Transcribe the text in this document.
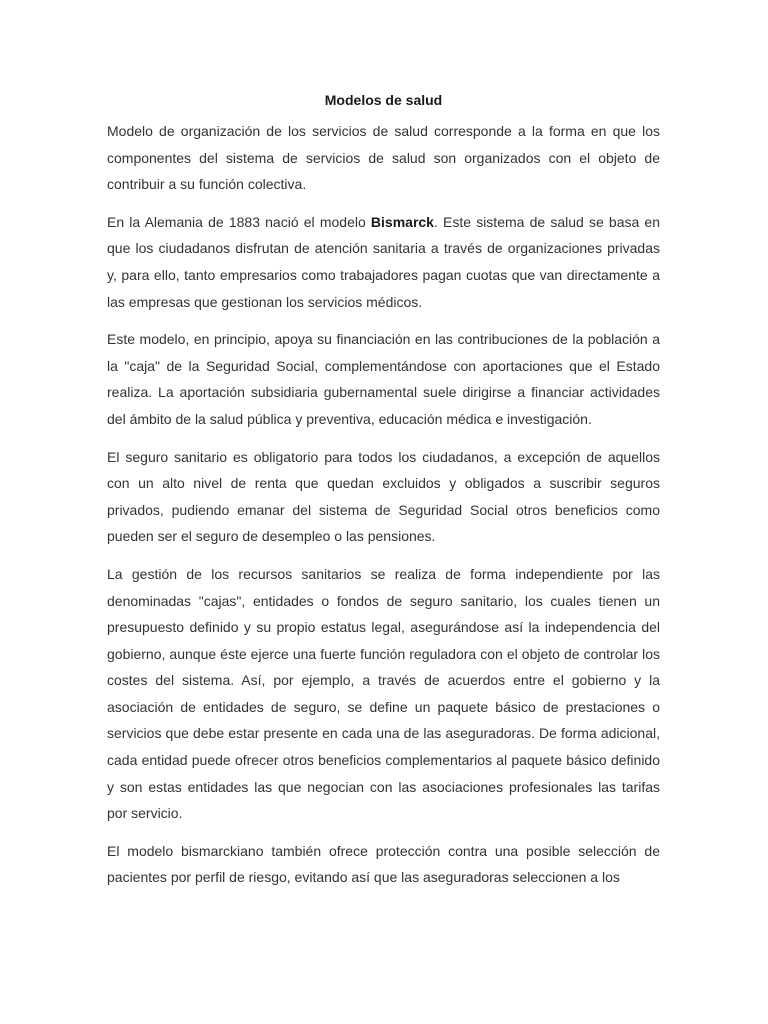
Modelos de salud

Modelo de organización de los servicios de salud corresponde a la forma en que los componentes del sistema de servicios de salud son organizados con el objeto de contribuir a su función colectiva.

En la Alemania de 1883 nació el modelo Bismarck. Este sistema de salud se basa en que los ciudadanos disfrutan de atención sanitaria a través de organizaciones privadas y, para ello, tanto empresarios como trabajadores pagan cuotas que van directamente a las empresas que gestionan los servicios médicos.

Este modelo, en principio, apoya su financiación en las contribuciones de la población a la "caja" de la Seguridad Social, complementándose con aportaciones que el Estado realiza. La aportación subsidiaria gubernamental suele dirigirse a financiar actividades del ámbito de la salud pública y preventiva, educación médica e investigación.

El seguro sanitario es obligatorio para todos los ciudadanos, a excepción de aquellos con un alto nivel de renta que quedan excluidos y obligados a suscribir seguros privados, pudiendo emanar del sistema de Seguridad Social otros beneficios como pueden ser el seguro de desempleo o las pensiones.

La gestión de los recursos sanitarios se realiza de forma independiente por las denominadas "cajas", entidades o fondos de seguro sanitario, los cuales tienen un presupuesto definido y su propio estatus legal, asegurándose así la independencia del gobierno, aunque éste ejerce una fuerte función reguladora con el objeto de controlar los costes del sistema. Así, por ejemplo, a través de acuerdos entre el gobierno y la asociación de entidades de seguro, se define un paquete básico de prestaciones o servicios que debe estar presente en cada una de las aseguradoras. De forma adicional, cada entidad puede ofrecer otros beneficios complementarios al paquete básico definido y son estas entidades las que negocian con las asociaciones profesionales las tarifas por servicio.

El modelo bismarckiano también ofrece protección contra una posible selección de pacientes por perfil de riesgo, evitando así que las aseguradoras seleccionen a los
